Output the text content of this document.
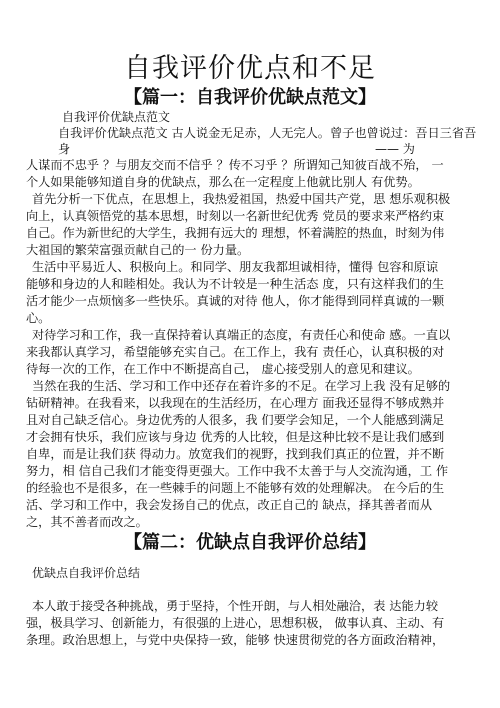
自我评价优点和不足
【篇一：自我评价优缺点范文】
自我评价优缺点范文
自我评价优缺点范文 古人说金无足赤，人无完人。曾子也曾说过：吾日三省吾
身	—— 为
人谋而不忠乎 ？与朋友交而不信乎 ？传不习乎 ？所谓知己知彼百战不殆， 一
个人如果能够知道自身的优缺点，那么在一定程度上他就比别人 有优势。
首先分析一下优点，在思想上，我热爱祖国，热爱中国共产党，思 想乐观积极
向上，认真领悟党的基本思想，时刻以一名新世纪优秀 党员的要求来严格约束
自己。作为新世纪的大学生，我拥有远大的 理想，怀着满腔的热血，时刻为伟
大祖国的繁荣富强贡献自己的一 份力量。
生活中平易近人、积极向上。和同学、朋友我都坦诚相待，懂得 包容和原谅
能够和身边的人和睦相处。我认为不计较是一种生活态 度，只有这样我们的生
活才能少一点烦恼多一些快乐。真诚的对待 他人，你才能得到同样真诚的一颗
心。
对待学习和工作，我一直保持着认真端正的态度，有责任心和使命 感。一直以
来我都认真学习，希望能够充实自己。在工作上，我有 责任心，认真积极的对
待每一次的工作，在工作中不断提高自己， 虚心接受别人的意见和建议。
当然在我的生活、学习和工作中还存在着许多的不足。在学习上我 没有足够的
钻研精神。在我看来，以我现在的生活经历，在心理方 面我还显得不够成熟并
且对自己缺乏信心。身边优秀的人很多，我 们要学会知足，一个人能感到满足
才会拥有快乐，我们应该与身边 优秀的人比较，但是这种比较不是让我们感到
自卑，而是让我们获 得动力。放宽我们的视野，找到我们真正的位置，并不断
努力，相 信自己我们才能变得更强大。工作中我不太善于与人交流沟通，工 作
的经验也不是很多，在一些棘手的问题上不能够有效的处理解决。 在今后的生
活、学习和工作中，我会发扬自己的优点，改正自己的 缺点，择其善者而从
【篇二：优缺点自我评价总结】
优缺点自我评价总结
本人敢于接受各种挑战，勇于坚持，个性开朗，与人相处融洽，表 达能力较
强，极具学习、创新能力，有很强的上进心，思想积极， 做事认真、主动、有
条理。政治思想上，与党中央保持一致，能够 快速贯彻党的各方面政治精神，
之，其不善者而改之。
